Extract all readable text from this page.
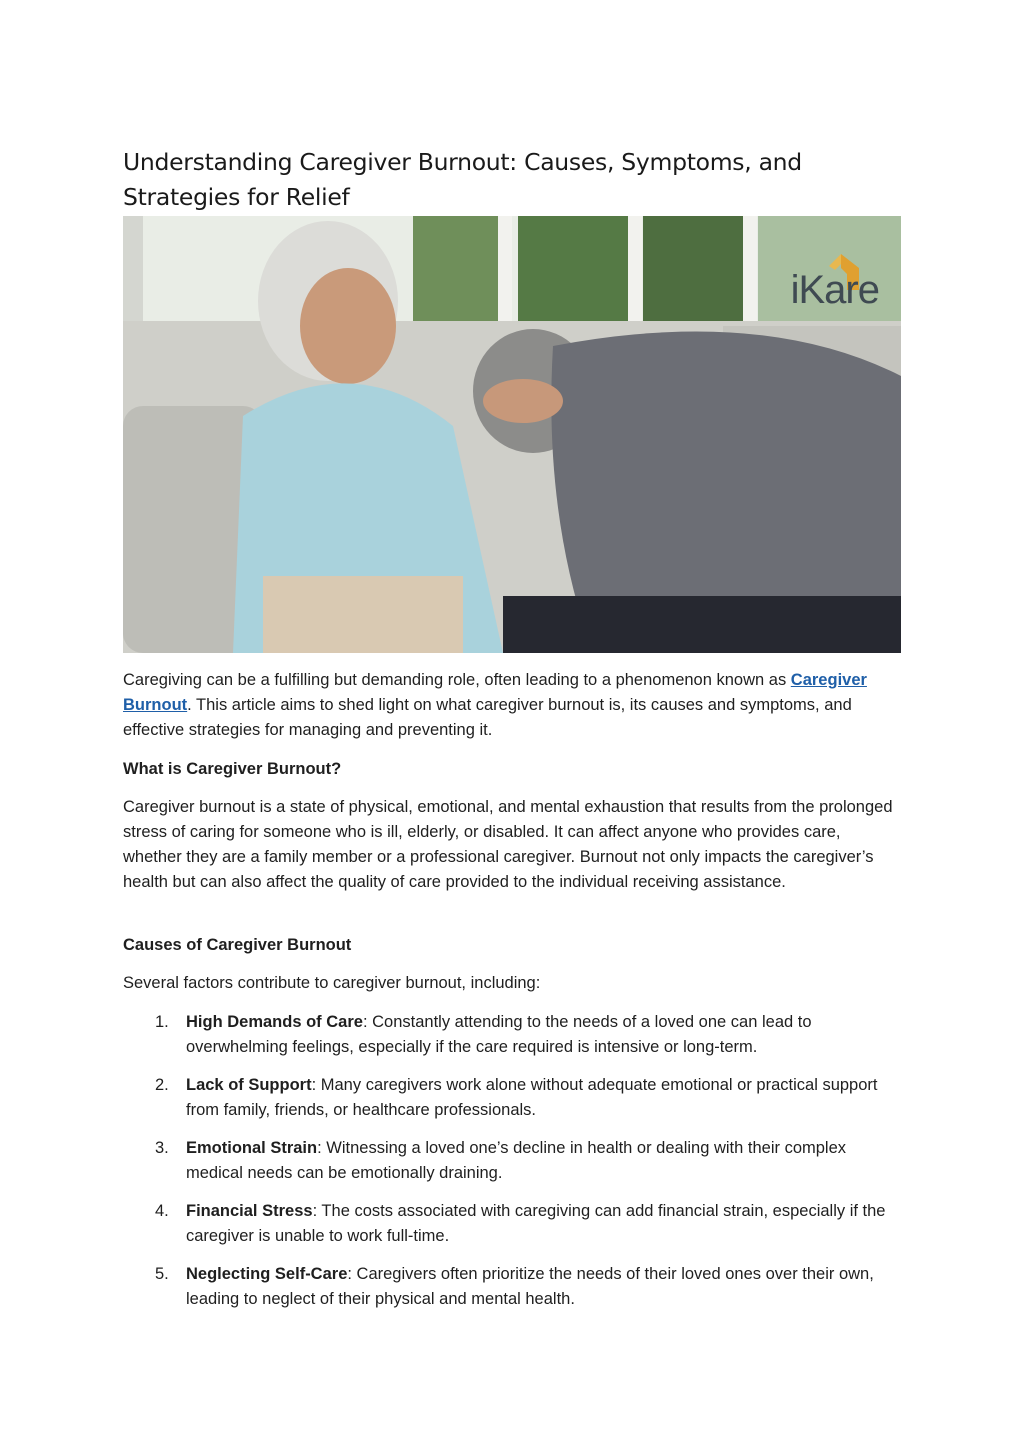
Understanding Caregiver Burnout: Causes, Symptoms, and Strategies for Relief
iKare

Caregiving can be a fulfilling but demanding role, often leading to a phenomenon known as Caregiver Burnout. This article aims to shed light on what caregiver burnout is, its causes and symptoms, and effective strategies for managing and preventing it.

What is Caregiver Burnout?

Caregiver burnout is a state of physical, emotional, and mental exhaustion that results from the prolonged stress of caring for someone who is ill, elderly, or disabled. It can affect anyone who provides care, whether they are a family member or a professional caregiver. Burnout not only impacts the caregiver’s health but can also affect the quality of care provided to the individual receiving assistance.

Causes of Caregiver Burnout

Several factors contribute to caregiver burnout, including:

1. High Demands of Care: Constantly attending to the needs of a loved one can lead to overwhelming feelings, especially if the care required is intensive or long-term.
2. Lack of Support: Many caregivers work alone without adequate emotional or practical support from family, friends, or healthcare professionals.
3. Emotional Strain: Witnessing a loved one’s decline in health or dealing with their complex medical needs can be emotionally draining.
4. Financial Stress: The costs associated with caregiving can add financial strain, especially if the caregiver is unable to work full-time.
5. Neglecting Self-Care: Caregivers often prioritize the needs of their loved ones over their own, leading to neglect of their physical and mental health.
